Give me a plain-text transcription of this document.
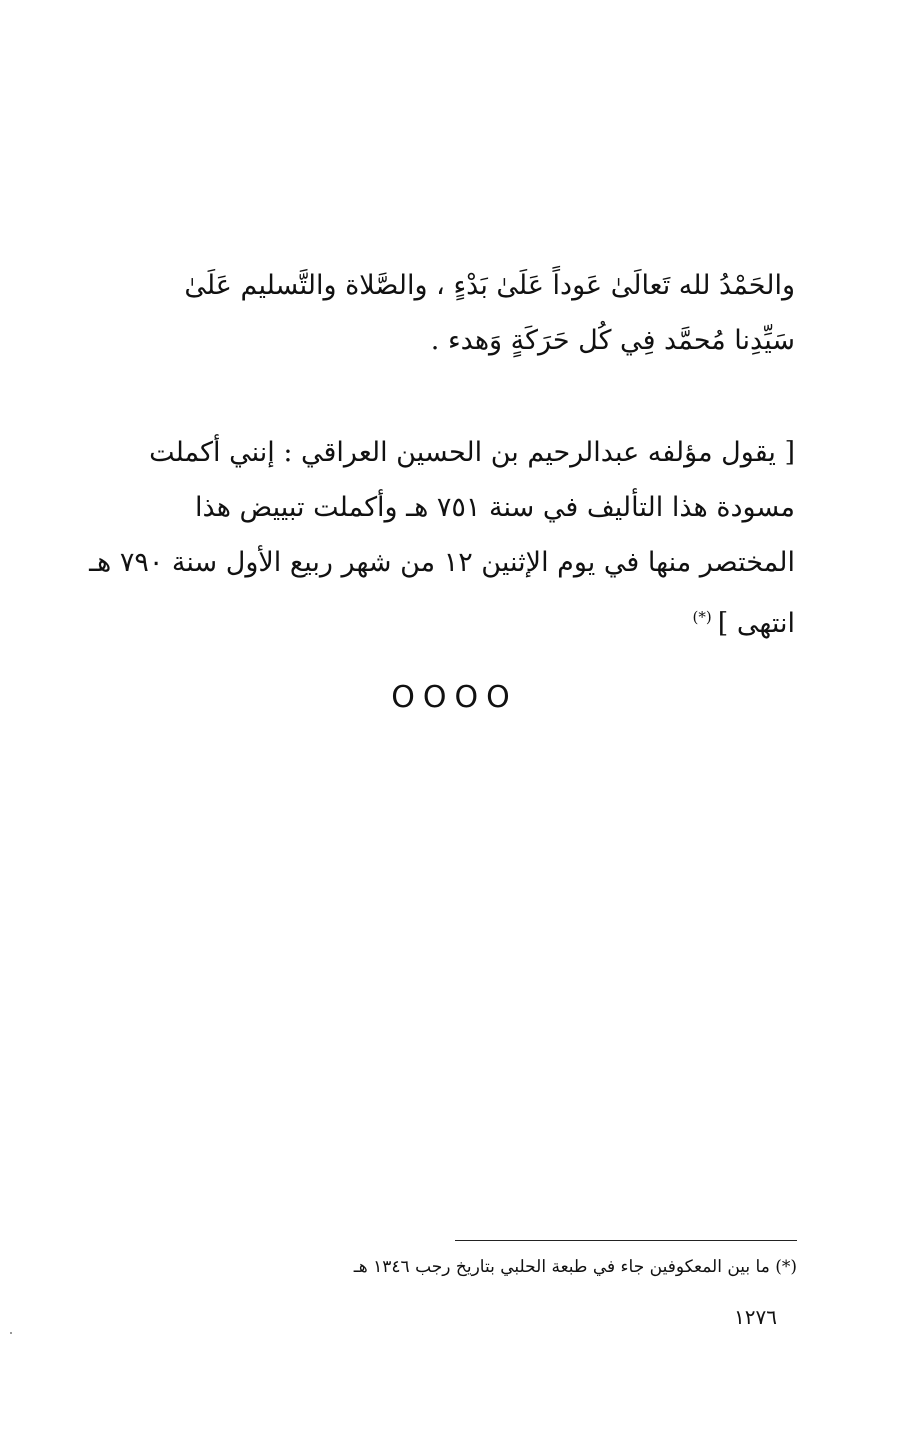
والحَمْدُ لله تَعالَىٰ عَوداً عَلَىٰ بَدْءٍ ، والصَّلاة والتَّسليم عَلَىٰ
سَيِّدِنا مُحمَّد فِي كُل حَرَكَةٍ وَهدء .
[ يقول مؤلفه عبدالرحيم بن الحسين العراقي : إنني أكملت
مسودة هذا التأليف في سنة ٧٥١ هـ وأكملت تبييض هذا
المختصر منها في يوم الإثنين ١٢ من شهر ربيع الأول سنة ٧٩٠ هـ
انتهى ](*)
OOOO
(*) ما بين المعكوفين جاء في طبعة الحلبي بتاريخ رجب ١٣٤٦ هـ
١٢٧٦
